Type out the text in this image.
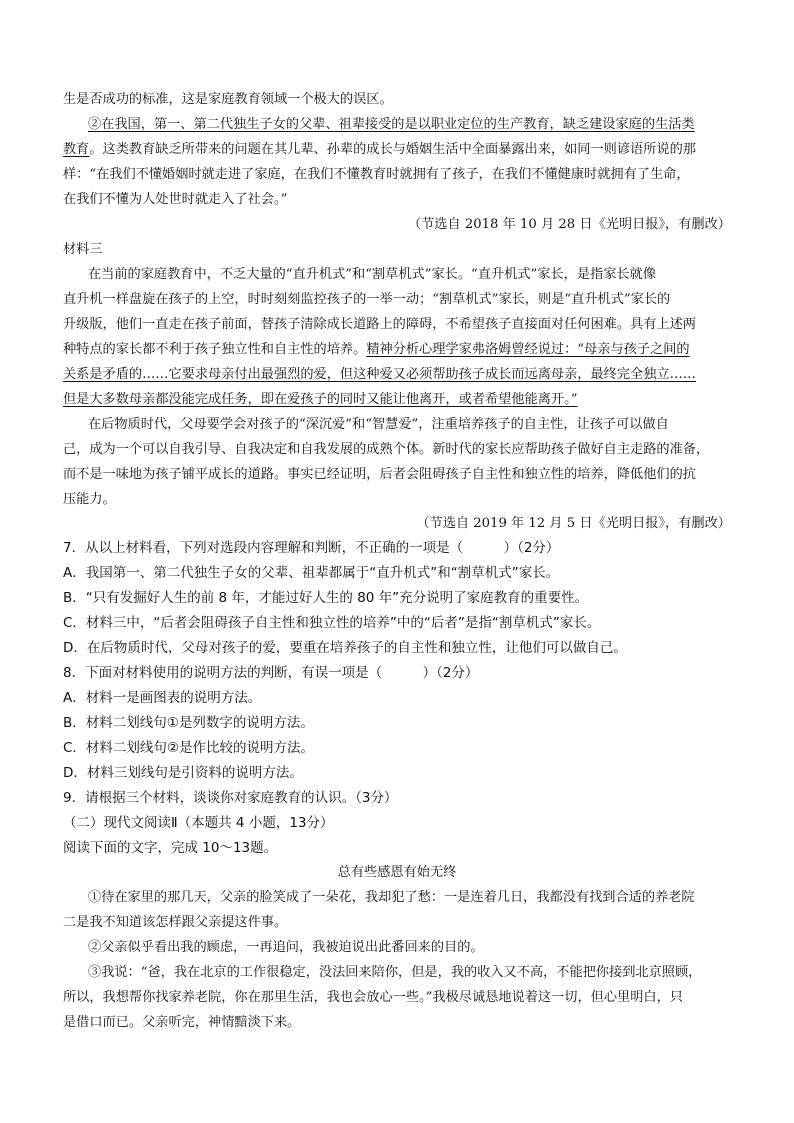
生是否成功的标准，这是家庭教育领域一个极大的误区。
②在我国，第一、第二代独生子女的父辈、祖辈接受的是以职业定位的生产教育，缺乏建设家庭的生活类
教育。这类教育缺乏所带来的问题在其儿辈、孙辈的成长与婚姻生活中全面暴露出来，如同一则谚语所说的那
样：“在我们不懂婚姻时就走进了家庭，在我们不懂教育时就拥有了孩子，在我们不懂健康时就拥有了生命，
在我们不懂为人处世时就走入了社会。”
（节选自 2018 年 10 月 28 日《光明日报》，有删改）
材料三
在当前的家庭教育中，不乏大量的“直升机式”和“割草机式”家长。“直升机式”家长，是指家长就像
直升机一样盘旋在孩子的上空，时时刻刻监控孩子的一举一动；“割草机式”家长，则是“直升机式”家长的
升级版，他们一直走在孩子前面，替孩子清除成长道路上的障碍，不希望孩子直接面对任何困难。具有上述两
种特点的家长都不利于孩子独立性和自主性的培养。精神分析心理学家弗洛姆曾经说过：“母亲与孩子之间的
关系是矛盾的……它要求母亲付出最强烈的爱，但这种爱又必须帮助孩子成长而远离母亲，最终完全独立……
但是大多数母亲都没能完成任务，即在爱孩子的同时又能让他离开，或者希望他能离开。”
在后物质时代，父母要学会对孩子的“深沉爱”和“智慧爱”，注重培养孩子的自主性，让孩子可以做自
己，成为一个可以自我引导、自我决定和自我发展的成熟个体。新时代的家长应帮助孩子做好自主走路的准备，
而不是一味地为孩子铺平成长的道路。事实已经证明，后者会阻碍孩子自主性和独立性的培养，降低他们的抗
压能力。
（节选自 2019 年 12 月 5 日《光明日报》，有删改）
7．从以上材料看，下列对选段内容理解和判断，不正确的一项是（　　　）（2分）
A．我国第一、第二代独生子女的父辈、祖辈都属于“直升机式”和“割草机式”家长。
B．“只有发掘好人生的前 8 年，才能过好人生的 80 年”充分说明了家庭教育的重要性。
C．材料三中，“后者会阻碍孩子自主性和独立性的培养”中的“后者”是指“割草机式”家长。
D．在后物质时代，父母对孩子的爱，要重在培养孩子的自主性和独立性，让他们可以做自己。
8．下面对材料使用的说明方法的判断，有误一项是（　　　）（2分）
A．材料一是画图表的说明方法。
B．材料二划线句①是列数字的说明方法。
C．材料二划线句②是作比较的说明方法。
D．材料三划线句是引资料的说明方法。
9．请根据三个材料，谈谈你对家庭教育的认识。（3分）
（二）现代文阅读Ⅱ（本题共 4 小题，13分）
阅读下面的文字，完成 10～13题。
总有些感恩有始无终
①待在家里的那几天，父亲的脸笑成了一朵花，我却犯了愁：一是连着几日，我都没有找到合适的养老院
二是我不知道该怎样跟父亲提这件事。
②父亲似乎看出我的顾虑，一再追问，我被迫说出此番回来的目的。
③我说：“爸，我在北京的工作很稳定，没法回来陪你，但是，我的收入又不高，不能把你接到北京照顾，
所以，我想帮你找家养老院，你在那里生活，我也会放心一些。”我极尽诚恳地说着这一切，但心里明白，只
是借口而已。父亲听完，神情黯淡下来。
